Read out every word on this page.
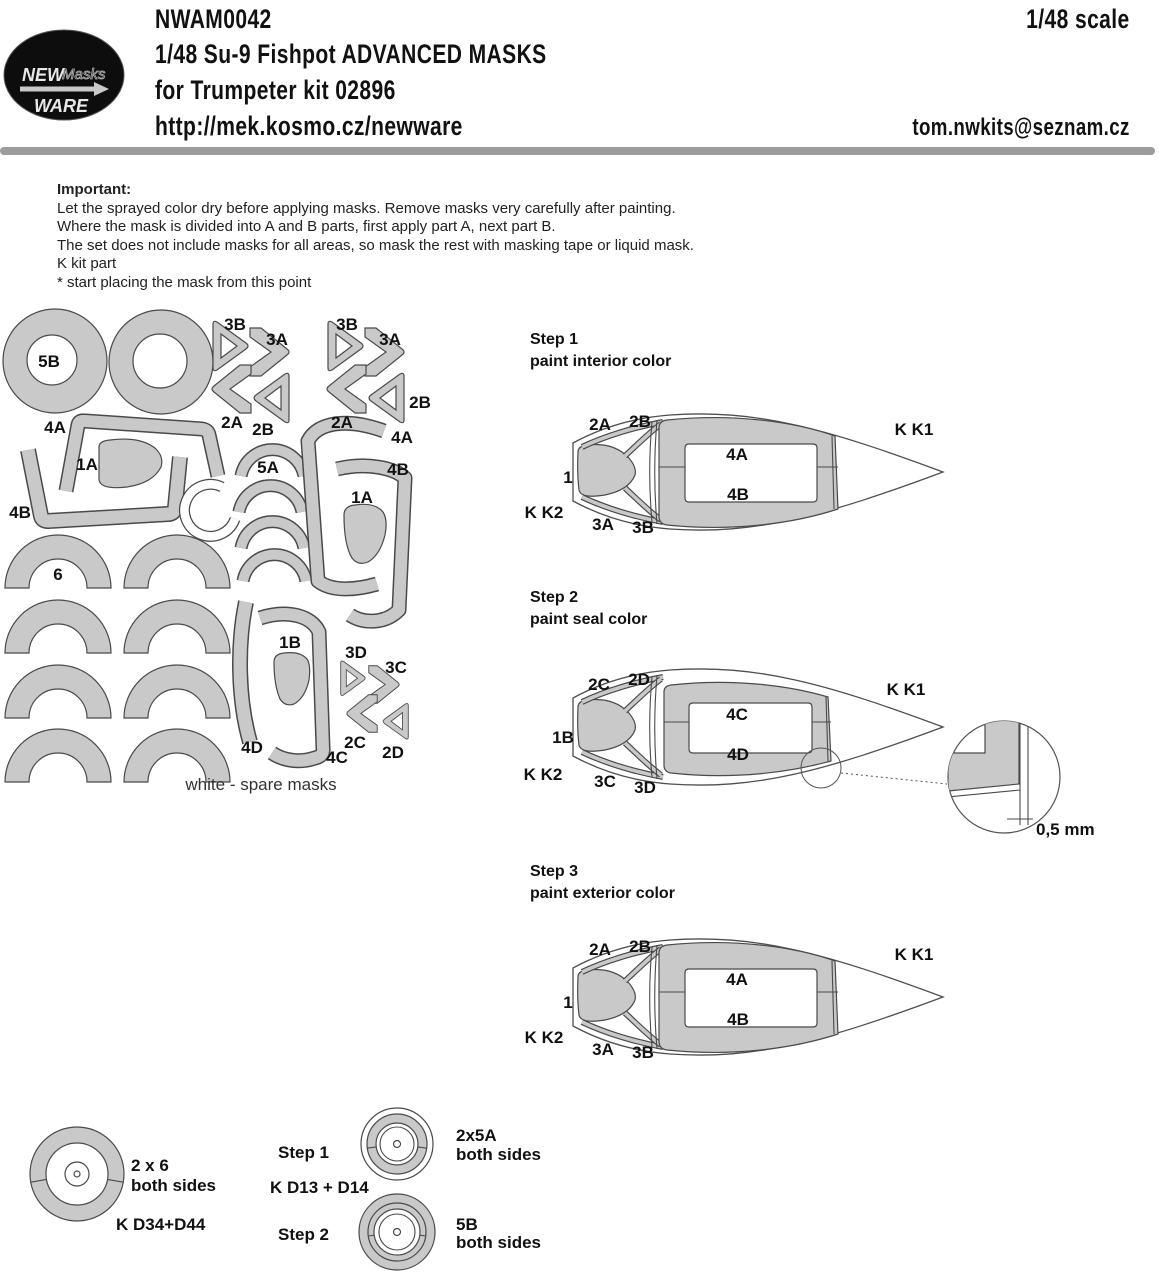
NEW
Masks
WARE
NWAM0042
1/48 Su-9 Fishpot ADVANCED MASKS
for Trumpeter kit 02896
http://mek.kosmo.cz/newware
1/48 scale
tom.nwkits@seznam.cz
Important:
Let the sprayed color dry before applying masks. Remove masks very carefully after painting.
Where the mask is divided into A and B parts, first apply part A, next part B.
The set does not include masks for all areas, so mask the rest with masking tape or liquid mask.
K kit part
* start placing the mask from this point
5B
3B
3A
2A 2B
3B
3A
2A
2B
4A
1A
4B
5A
4A
4B
1A
6
1B
3D
3C
2C
2D
4D
4C
white - spare masks
Step 1
paint interior color
Step 2
paint seal color
Step 3
paint exterior color
2A 2B	K K1
1
4A
4B
K K2
3A 3B
0,5 mm
2C 2D
K K1
1B
4C
4D
K K2 3C 3D
2A 2B	K K1
1
4A
4B
K K2
3A 3B
2 x 6
both sides
K D34+D44
Step 1
K D13 + D14
2x5A
both sides
Step 2
5B
both sides
